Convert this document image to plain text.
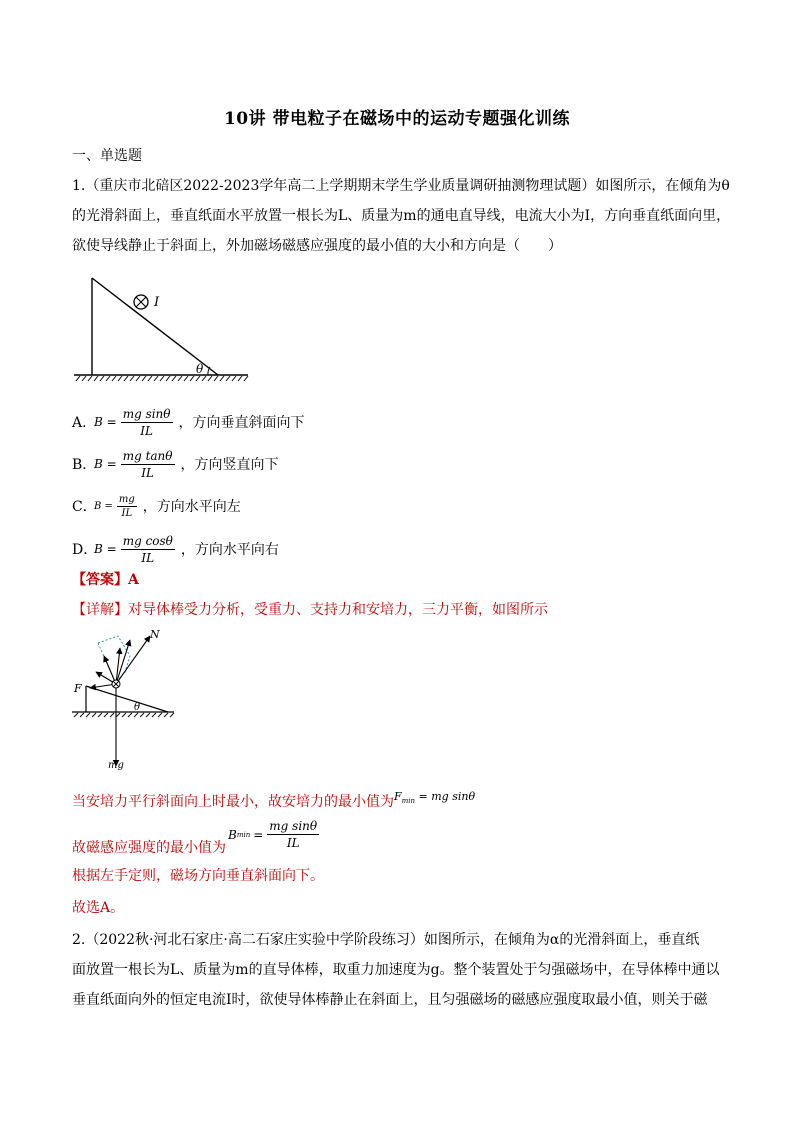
10讲 带电粒子在磁场中的运动专题强化训练
一、单选题
1.（重庆市北碚区2022-2023学年高二上学期期末学生学业质量调研抽测物理试题）如图所示，在倾角为θ
的光滑斜面上，垂直纸面水平放置一根长为L、质量为m的通电直导线，电流大小为I，方向垂直纸面向里，
欲使导线静止于斜面上，外加磁场磁感应强度的最小值的大小和方向是（　　）
I
θ
A．
$B = \frac{\text{mg sinθ}}{IL}$ ，方向垂直斜面向下
B．
$B = \frac{\text{mg tanθ}}{IL}$ ，方向竖直向下
C．
$B = \frac{mg}{IL}$ ，方向水平向左
D．
$B = \frac{\text{mg cosθ}}{IL}$ ，方向水平向右
【答案】A
【详解】对导体棒受力分析，受重力、支持力和安培力，三力平衡，如图所示
N
F
mg
θ
当安培力平行斜面向上时最小，故安培力的最小值为$^{F_{min} = mg sin\theta}$
故磁感应强度的最小值为
B $\min = \frac{\text{mg sinθ}}{IL}$
根据左手定则，磁场方向垂直斜面向下。
故选A。
2.（2022秋·河北石家庄·高二石家庄实验中学阶段练习）如图所示，在倾角为α的光滑斜面上，垂直纸
面放置一根长为L、质量为m的直导体棒，取重力加速度为g。整个装置处于匀强磁场中，在导体棒中通以
垂直纸面向外的恒定电流I时，欲使导体棒静止在斜面上，且匀强磁场的磁感应强度取最小值，则关于磁
